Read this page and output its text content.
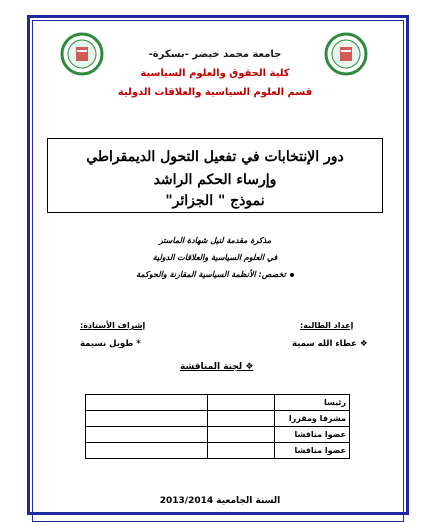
جامعة محمد خيضر -بسكرة-
كلية الحقوق والعلوم السياسية
قسم العلوم السياسية والعلاقات الدولية
دور الإنتخابات في تفعيل التحول الديمقراطي
وإرساء الحكم الراشد
نموذج " الجزائر"
مذكرة مقدمة لنيل شهادة الماستر
في العلوم السياسية والعلاقات الدولية
تخصص: الأنظمة السياسية المقارنة والحوكمة
إعداد الطالبة:
إشراف الأستاذة:
❖ عطاء الله سمية
* طويل نسيمة
❖ لجنة المناقشة
		رئيسا
		مشرفا ومقررا
		عضوا مناقشا
		عضوا مناقشا
السنة الجامعية 2013/2014
